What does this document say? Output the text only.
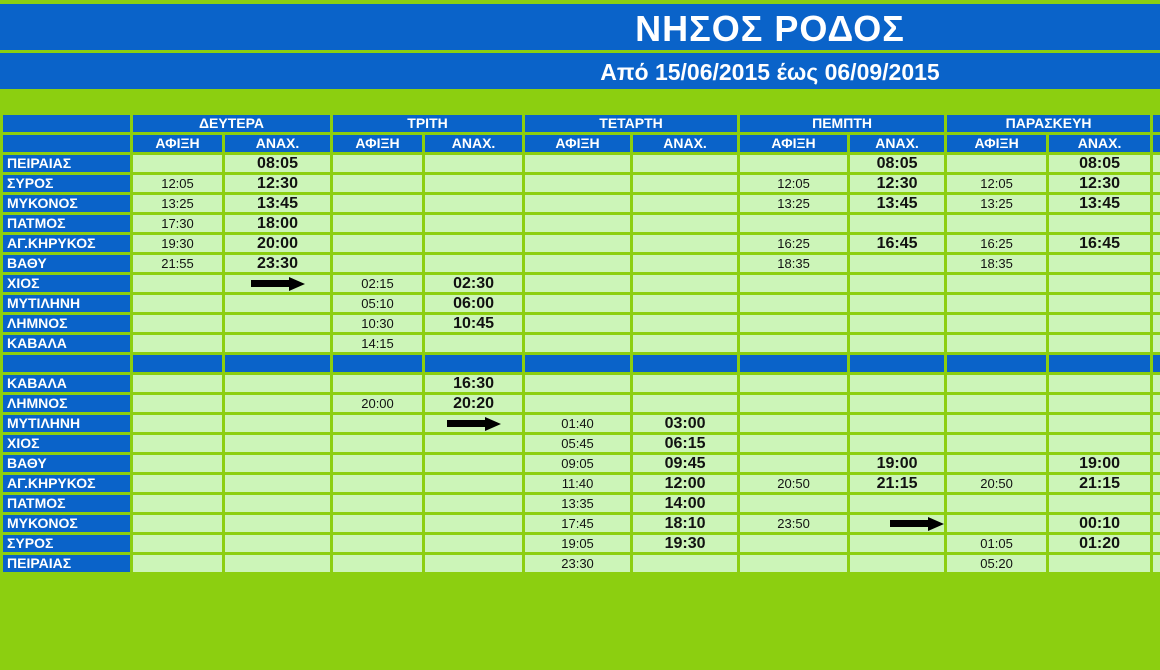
ΝΗΣΟΣ ΡΟΔΟΣ
Από 15/06/2015 έως 06/09/2015
	ΔΕΥΤΕΡΑ		ΤΡΙΤΗ		ΤΕΤΑΡΤΗ		ΠΕΜΠΤΗ		ΠΑΡΑΣΚΕΥΗ		
	ΑΦΙΞΗ	ΑΝΑΧ.	ΑΦΙΞΗ	ΑΝΑΧ.	ΑΦΙΞΗ	ΑΝΑΧ.	ΑΦΙΞΗ	ΑΝΑΧ.	ΑΦΙΞΗ	ΑΝΑΧ.	
ΠΕΙΡΑΙΑΣ		08:05						08:05		08:05	
ΣΥΡΟΣ	12:05	12:30					12:05	12:30	12:05	12:30	
ΜΥΚΟΝΟΣ	13:25	13:45					13:25	13:45	13:25	13:45	
ΠΑΤΜΟΣ	17:30	18:00									
ΑΓ.ΚΗΡΥΚΟΣ	19:30	20:00					16:25	16:45	16:25	16:45	
ΒΑΘΥ	21:55	23:30					18:35		18:35		
ΧΙΟΣ			02:15	02:30							
ΜΥΤΙΛΗΝΗ			05:10	06:00							
ΛΗΜΝΟΣ			10:30	10:45							
ΚΑΒΑΛΑ			14:15								

ΚΑΒΑΛΑ				16:30							
ΛΗΜΝΟΣ			20:00	20:20							
ΜΥΤΙΛΗΝΗ					01:40	03:00					
ΧΙΟΣ					05:45	06:15					
ΒΑΘΥ					09:05	09:45		19:00		19:00	
ΑΓ.ΚΗΡΥΚΟΣ					11:40	12:00	20:50	21:15	20:50	21:15	
ΠΑΤΜΟΣ					13:35	14:00					
ΜΥΚΟΝΟΣ					17:45	18:10	23:50			00:10	
ΣΥΡΟΣ					19:05	19:30			01:05	01:20	
ΠΕΙΡΑΙΑΣ					23:30				05:20		
